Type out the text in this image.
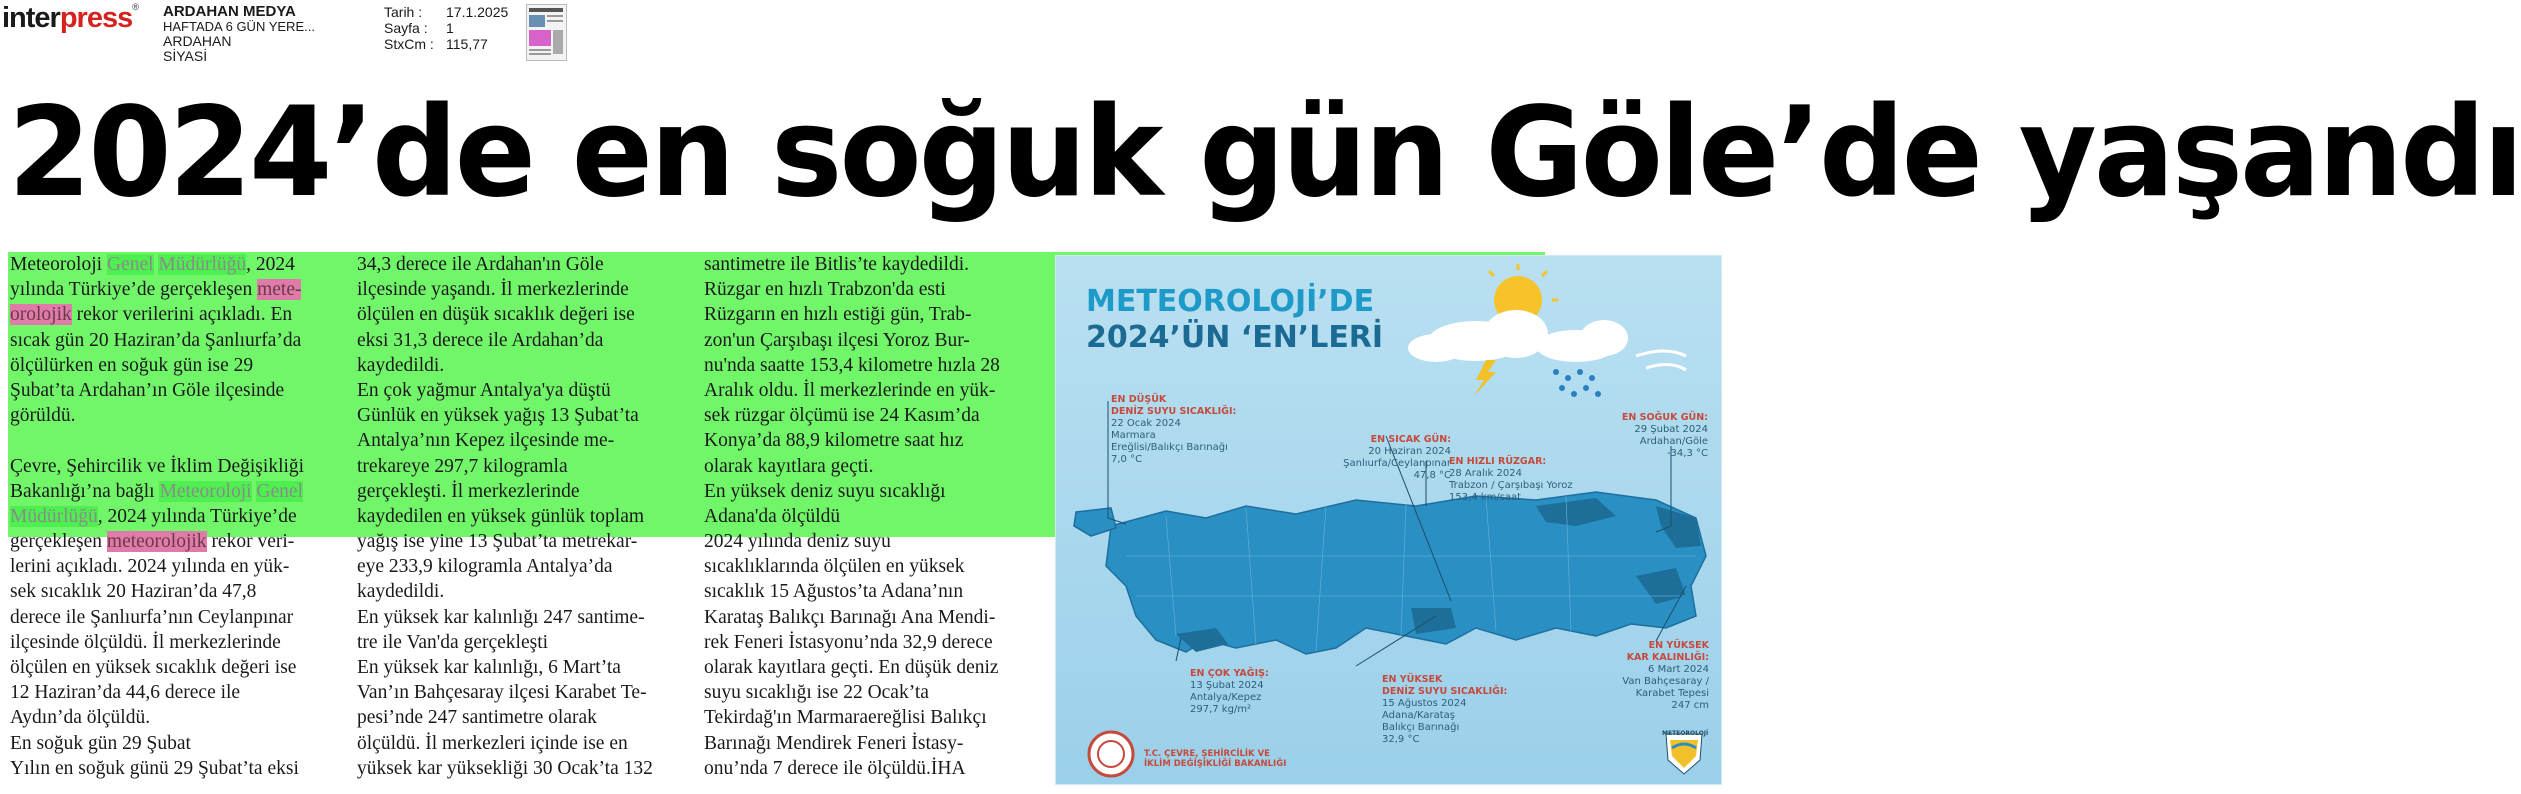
interpress® ARDAHAN MEDYA
HAFTADA 6 GÜN YERE...
ARDAHAN
SİYASİ
Tarih :	17.1.2025
Sayfa :	1
StxCm : 115,77
2024’de en soğuk gün Göle’de yaşandı
Meteoroloji Genel Müdürlüğü, 2024
yılında Türkiye’de gerçekleşen mete-
orolojik rekor verilerini açıkladı. En
sıcak gün 20 Haziran’da Şanlıurfa’da
ölçülürken en soğuk gün ise 29
Şubat’ta Ardahan’ın Göle ilçesinde
görüldü.
Çevre, Şehircilik ve İklim Değişikliği
Bakanlığı’na bağlı Meteoroloji Genel
Müdürlüğü, 2024 yılında Türkiye’de
gerçekleşen meteorolojik rekor veri-
lerini açıkladı. 2024 yılında en yük-
sek sıcaklık 20 Haziran’da 47,8
derece ile Şanlıurfa’nın Ceylanpınar
ilçesinde ölçüldü. İl merkezlerinde
ölçülen en yüksek sıcaklık değeri ise
12 Haziran’da 44,6 derece ile
Aydın’da ölçüldü.
En soğuk gün 29 Şubat
Yılın en soğuk günü 29 Şubat’ta eksi
34,3 derece ile Ardahan'ın Göle
ilçesinde yaşandı. İl merkezlerinde
ölçülen en düşük sıcaklık değeri ise
eksi 31,3 derece ile Ardahan’da
kaydedildi.
En çok yağmur Antalya'ya düştü
Günlük en yüksek yağış 13 Şubat’ta
Antalya’nın Kepez ilçesinde me-
trekareye 297,7 kilogramla
gerçekleşti. İl merkezlerinde
kaydedilen en yüksek günlük toplam
yağış ise yine 13 Şubat’ta metrekar-
eye 233,9 kilogramla Antalya’da
kaydedildi.
En yüksek kar kalınlığı 247 santime-
tre ile Van'da gerçekleşti
En yüksek kar kalınlığı, 6 Mart’ta
Van’ın Bahçesaray ilçesi Karabet Te-
pesi’nde 247 santimetre olarak
ölçüldü. İl merkezleri içinde ise en
yüksek kar yüksekliği 30 Ocak’ta 132
santimetre ile Bitlis’te kaydedildi.
Rüzgar en hızlı Trabzon'da esti
Rüzgarın en hızlı estiği gün, Trab-
zon'un Çarşıbaşı ilçesi Yoroz Bur-
nu'nda saatte 153,4 kilometre hızla 28
Aralık oldu. İl merkezlerinde en yük-
sek rüzgar ölçümü ise 24 Kasım’da
Konya’da 88,9 kilometre saat hız
olarak kayıtlara geçti.
En yüksek deniz suyu sıcaklığı
Adana'da ölçüldü
2024 yılında deniz suyu
sıcaklıklarında ölçülen en yüksek
sıcaklık 15 Ağustos’ta Adana’nın
Karataş Balıkçı Barınağı Ana Mendi-
rek Feneri İstasyonu’nda 32,9 derece
olarak kayıtlara geçti. En düşük deniz
suyu sıcaklığı ise 22 Ocak’ta
Tekirdağ'ın Marmaraereğlisi Balıkçı
Barınağı Mendirek Feneri İstasy-
onu’nda 7 derece ile ölçüldü.İHA
METEOROLOJİ’DE
2024’ÜN ‘EN’LERİ
EN DÜŞÜK
DENİZ SUYU SICAKLIĞI:
22 Ocak 2024
Marmara
Ereğlisi/Balıkçı Barınağı
7,0 °C
EN SICAK GÜN:
20 Haziran 2024
Şanlıurfa/Ceylanpınar
47,8 °C
EN SOĞUK GÜN:
29 Şubat 2024
Ardahan/Göle
-34,3 °C
EN HIZLI RÜZGAR:
28 Aralık 2024
Trabzon / Çarşıbaşı Yoroz
153,4 km/saat
EN YÜKSEK
KAR KALINLIĞI:
6 Mart 2024
Van Bahçesaray /
Karabet Tepesi
247 cm
EN ÇOK YAĞIŞ:
13 Şubat 2024
Antalya/Kepez
297,7 kg/m²
EN YÜKSEK
DENİZ SUYU SICAKLIĞI:
15 Ağustos 2024
Adana/Karataş
Balıkçı Barınağı
32,9 °C
T.C. ÇEVRE, ŞEHİRCİLİK VE
İKLİM DEĞİŞİKLİĞİ BAKANLIĞI
METEOROLOJİ
